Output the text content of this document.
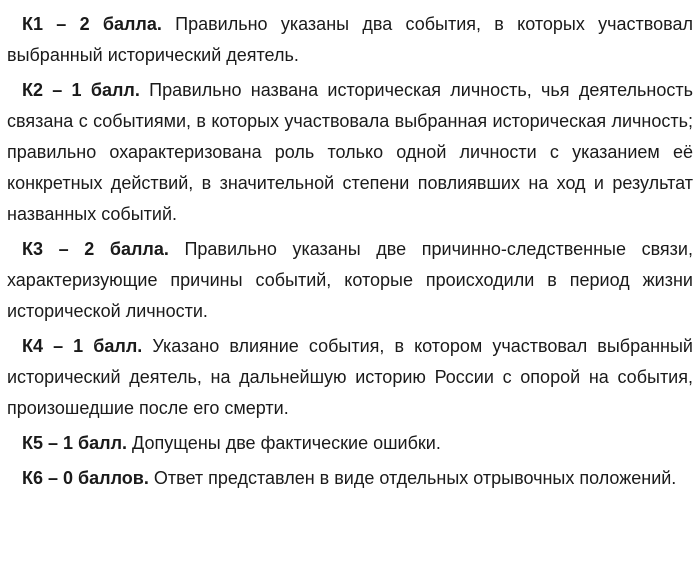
К1 – 2 балла. Правильно указаны два события, в которых участвовал выбранный исторический деятель.

К2 – 1 балл. Правильно названа историческая личность, чья деятельность связана с событиями, в которых участвовала выбранная историческая личность; правильно охарактеризована роль только одной личности с указанием её конкретных действий, в значительной степени повлиявших на ход и результат названных событий.

К3 – 2 балла. Правильно указаны две причинно-следственные связи, характеризующие причины событий, которые происходили в период жизни исторической личности.

К4 – 1 балл. Указано влияние события, в котором участвовал выбранный исторический деятель, на дальнейшую историю России с опорой на события, произошедшие после его смерти.

К5 – 1 балл. Допущены две фактические ошибки.

К6 – 0 баллов. Ответ представлен в виде отдельных отрывочных положений.
